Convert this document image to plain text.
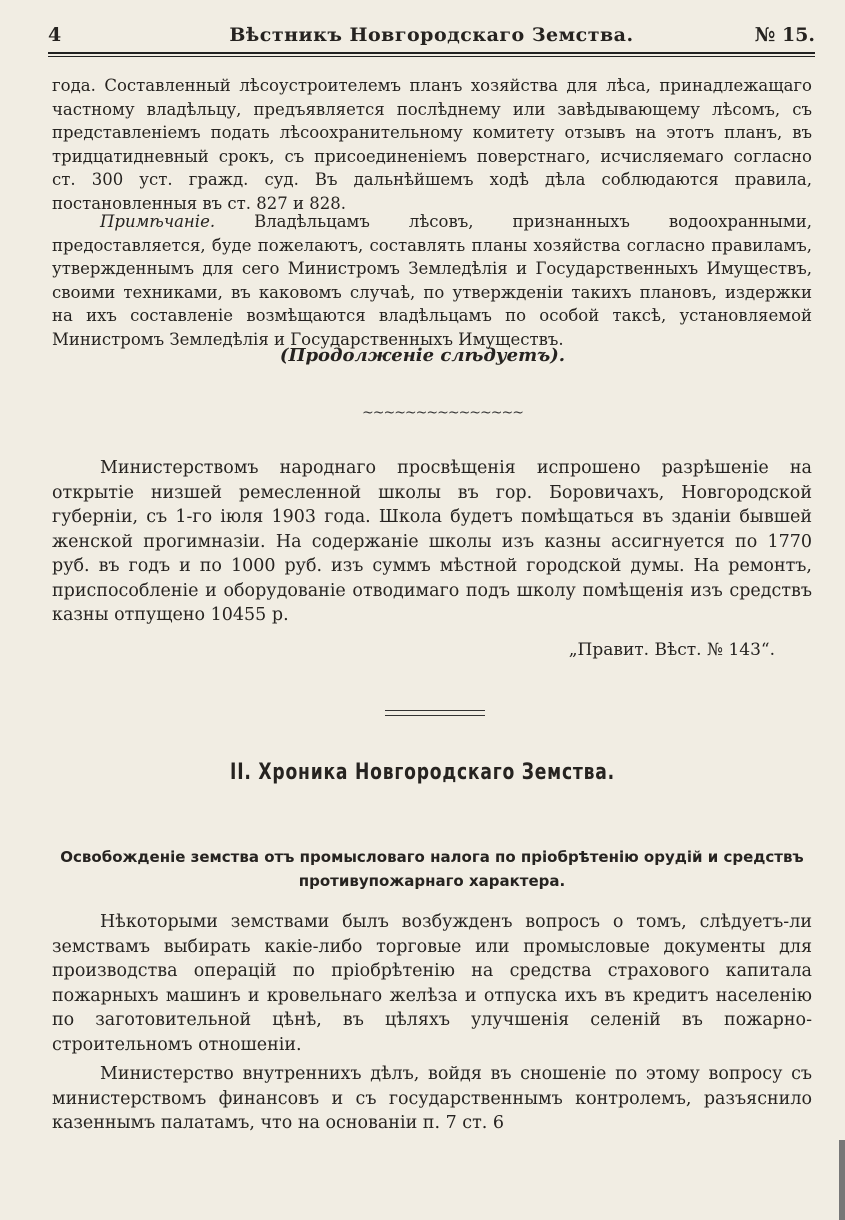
4	Вѣстникъ Новгородскаго Земства.	№ 15.

года. Составленный лѣсоустроителемъ планъ хозяйства для лѣса, принадлежащаго частному владѣльцу, предъявляется послѣднему или завѣдывающему лѣсомъ, съ представленіемъ подать лѣсоохранительному комитету отзывъ на этотъ планъ, въ тридцатидневный срокъ, съ присоединеніемъ поверстнаго, исчисляемаго согласно ст. 300 уст. гражд. суд. Въ дальнѣйшемъ ходѣ дѣла соблюдаются правила, постановленныя въ ст. 827 и 828.

Примѣчаніе. Владѣльцамъ лѣсовъ, признанныхъ водоохранными, предоставляется, буде пожелаютъ, составлять планы хозяйства согласно правиламъ, утвержденнымъ для сего Министромъ Земледѣлія и Государственныхъ Имуществъ, своими техниками, въ каковомъ случаѣ, по утвержденіи такихъ плановъ, издержки на ихъ составленіе возмѣщаются владѣльцамъ по особой таксѣ, установляемой Министромъ Земледѣлія и Государственныхъ Имуществъ.

(Продолженіе слѣдуетъ).
~~~~~~~~~~~~~~~

Министерствомъ народнаго просвѣщенія испрошено разрѣшеніе на открытіе низшей ремесленной школы въ гор. Боровичахъ, Новгородской губерніи, съ 1-го іюля 1903 года. Школа будетъ помѣщаться въ зданіи бывшей женской прогимназіи. На содержаніе школы изъ казны ассигнуется по 1770 руб. въ годъ и по 1000 руб. изъ суммъ мѣстной городской думы. На ремонтъ, приспособленіе и оборудованіе отводимаго подъ школу помѣщенія изъ средствъ казны отпущено 10455 р.

„Правит. Вѣст. № 143“.
II. Хроника Новгородскаго Земства.
Освобожденіе земства отъ промысловаго налога по пріобрѣтенію орудій и средствъ противупожарнаго характера.

Нѣкоторыми земствами былъ возбужденъ вопросъ о томъ, слѣдуетъ-ли земствамъ выбирать какіе-либо торговые или промысловые документы для производства операцій по пріобрѣтенію на средства страхового капитала пожарныхъ машинъ и кровельнаго желѣза и отпуска ихъ въ кредитъ населенію по заготовительной цѣнѣ, въ цѣляхъ улучшенія селеній въ пожарно-строительномъ отношеніи.

Министерство внутреннихъ дѣлъ, войдя въ сношеніе по этому вопросу съ министерствомъ финансовъ и съ государственнымъ контролемъ, разъяснило казеннымъ палатамъ, что на основаніи п. 7 ст. 6
